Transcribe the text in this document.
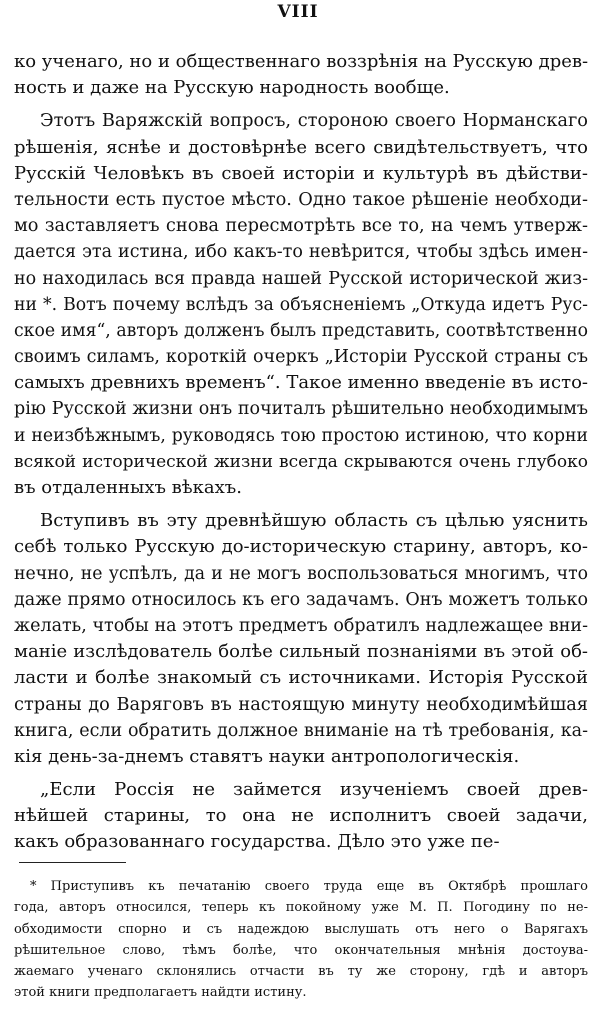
VIII
ко ученаго, но и общественнаго воззрѣнія на Русскую древ-
ность и даже на Русскую народность вообще.
Этотъ Варяжскій вопросъ, стороною своего Норманскаго
рѣшенія, яснѣе и достовѣрнѣе всего свидѣтельствуетъ, что
Русскій Человѣкъ въ своей исторіи и культурѣ въ дѣйстви-
тельности есть пустое мѣсто. Одно такое рѣшеніе необходи-
мо заставляетъ снова пересмотрѣть все то, на чемъ утверж-
дается эта истина, ибо какъ-то невѣрится, чтобы здѣсь имен-
но находилась вся правда нашей Русской исторической жиз-
ни *. Вотъ почему вслѣдъ за объясненіемъ „Откуда идетъ Рус-
ское имя“, авторъ долженъ былъ представить, соотвѣтственно
своимъ силамъ, короткій очеркъ „Исторіи Русской страны съ
самыхъ древнихъ временъ“. Такое именно введеніе въ исто-
рію Русской жизни онъ почиталъ рѣшительно необходимымъ
и неизбѣжнымъ, руководясь тою простою истиною, что корни
всякой исторической жизни всегда скрываются очень глубоко
въ отдаленныхъ вѣкахъ.
Вступивъ въ эту древнѣйшую область съ цѣлью уяснить
себѣ только Русскую до-историческую старину, авторъ, ко-
нечно, не успѣлъ, да и не могъ воспользоваться многимъ, что
даже прямо относилось къ его задачамъ. Онъ можетъ только
желать, чтобы на этотъ предметъ обратилъ надлежащее вни-
маніе изслѣдователь болѣе сильный познаніями въ этой об-
ласти и болѣе знакомый съ источниками. Исторія Русской
страны до Варяговъ въ настоящую минуту необходимѣйшая
книга, если обратить должное вниманіе на тѣ требованія, ка-
кія день-за-днемъ ставятъ науки антропологическія.
„Если Россія не займется изученіемъ своей древ-
нѣйшей старины, то она не исполнитъ своей задачи,
какъ образованнаго государства. Дѣло это уже пе-
* Приступивъ къ печатанію своего труда еще въ Октябрѣ прошлаго
года, авторъ относился, теперь къ покойному уже М. П. Погодину по не-
обходимости спорно и съ надеждою выслушать отъ него о Варягахъ
рѣшительное слово, тѣмъ болѣе, что окончательныя мнѣнія достоува-
жаемаго ученаго склонялись отчасти въ ту же сторону, гдѣ и авторъ
этой книги предполагаетъ найдти истину.
